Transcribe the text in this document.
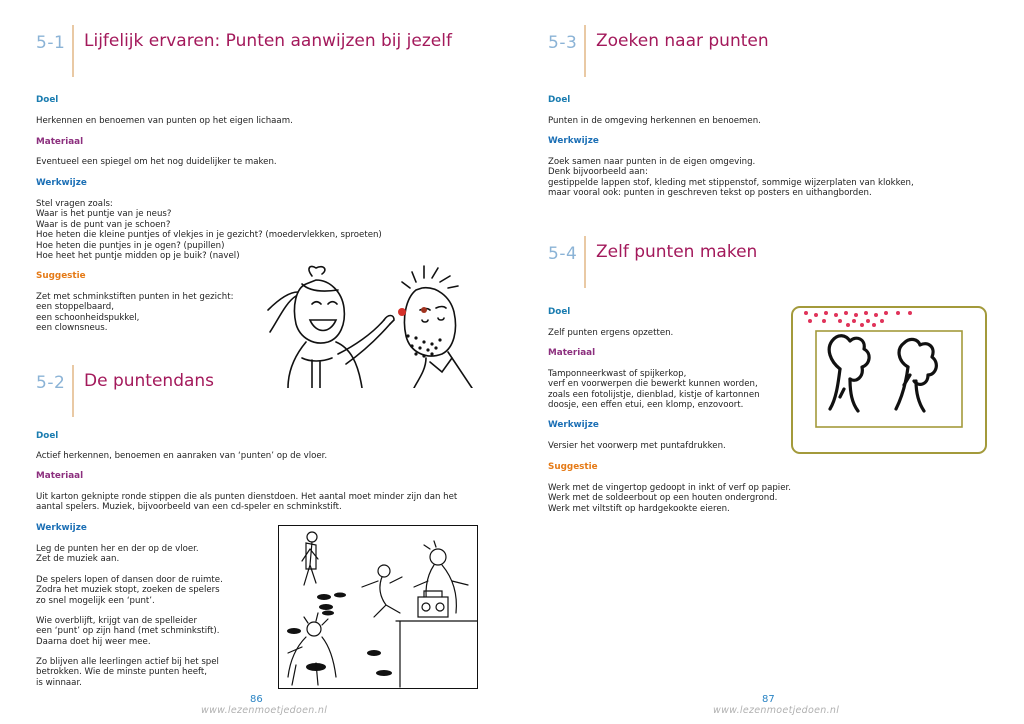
5-1	Lijfelijk ervaren: Punten aanwijzen bij jezelf
Doel
Herkennen en benoemen van punten op het eigen lichaam.
Materiaal
Eventueel een spiegel om het nog duidelijker te maken.
Werkwijze
Stel vragen zoals:
Waar is het puntje van je neus?
Waar is de punt van je schoen?
Hoe heten die kleine puntjes of vlekjes in je gezicht? (moedervlekken, sproeten)
Hoe heten die puntjes in je ogen? (pupillen)
Hoe heet het puntje midden op je buik? (navel)
Suggestie
Zet met schminkstiften punten in het gezicht:
een stoppelbaard,
een schoonheidspukkel,
een clownsneus.
5-2	De puntendans
Doel
Actief herkennen, benoemen en aanraken van ‘punten’ op de vloer.
Materiaal
Uit karton geknipte ronde stippen die als punten dienstdoen. Het aantal moet minder zijn dan het
aantal spelers. Muziek, bijvoorbeeld van een cd-speler en schminkstift.
Werkwijze
Leg de punten her en der op de vloer.
Zet de muziek aan.
De spelers lopen of dansen door de ruimte.
Zodra het muziek stopt, zoeken de spelers
zo snel mogelijk een ‘punt’.
Wie overblijft, krijgt van de spelleider
een ‘punt’ op zijn hand (met schminkstift).
Daarna doet hij weer mee.
Zo blijven alle leerlingen actief bij het spel
betrokken. Wie de minste punten heeft,
is winnaar.
86
www.lezenmoetjedoen.nl
5-3	Zoeken naar punten
Doel
Punten in de omgeving herkennen en benoemen.
Werkwijze
Zoek samen naar punten in de eigen omgeving.
Denk bijvoorbeeld aan:
gestippelde lappen stof, kleding met stippenstof, sommige wijzerplaten van klokken,
maar vooral ook: punten in geschreven tekst op posters en uithangborden.
5-4	Zelf punten maken
Doel
Zelf punten ergens opzetten.
Materiaal
Tamponneerkwast of spijkerkop,
verf en voorwerpen die bewerkt kunnen worden,
zoals een fotolijstje, dienblad, kistje of kartonnen
doosje, een effen etui, een klomp, enzovoort.
Werkwijze
Versier het voorwerp met puntafdrukken.
Suggestie
Werk met de vingertop gedoopt in inkt of verf op papier.
Werk met de soldeerbout op een houten ondergrond.
Werk met viltstift op hardgekookte eieren.
87
www.lezenmoetjedoen.nl
